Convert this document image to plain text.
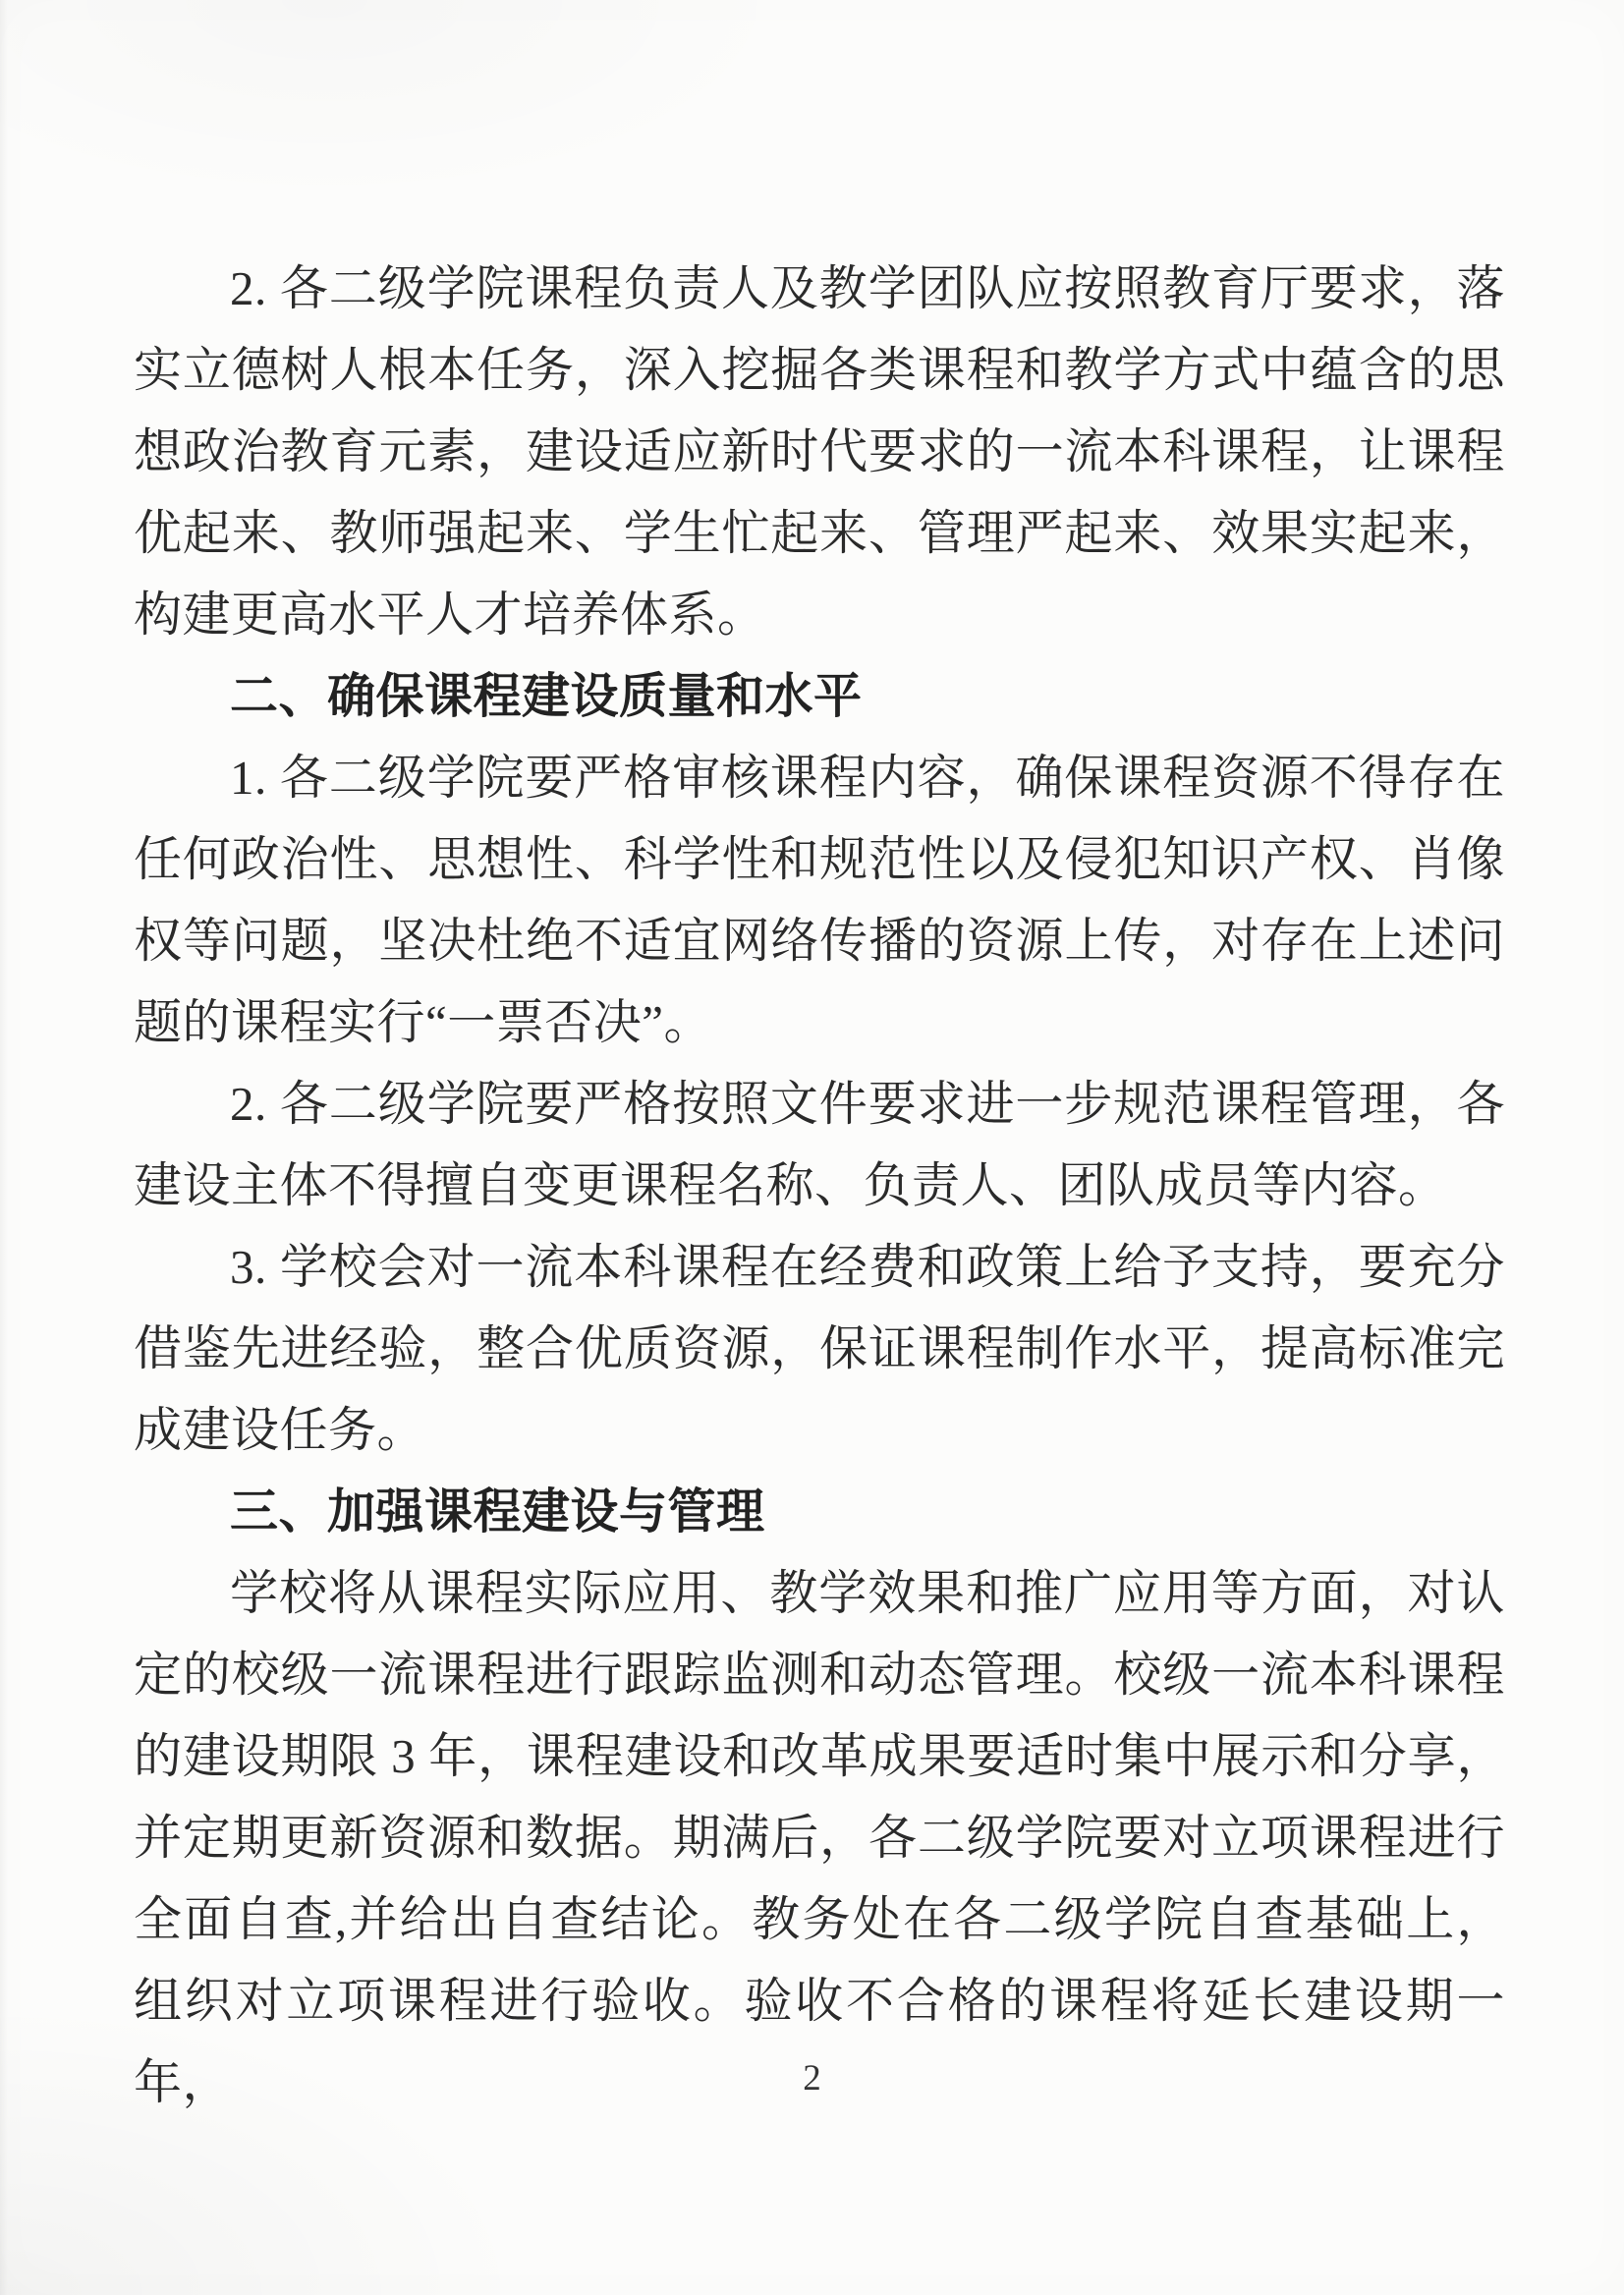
2. 各二级学院课程负责人及教学团队应按照教育厅要求，落实立德树人根本任务，深入挖掘各类课程和教学方式中蕴含的思想政治教育元素，建设适应新时代要求的一流本科课程，让课程优起来、教师强起来、学生忙起来、管理严起来、效果实起来，构建更高水平人才培养体系。

二、确保课程建设质量和水平

1. 各二级学院要严格审核课程内容，确保课程资源不得存在任何政治性、思想性、科学性和规范性以及侵犯知识产权、肖像权等问题，坚决杜绝不适宜网络传播的资源上传，对存在上述问题的课程实行“一票否决”。

2. 各二级学院要严格按照文件要求进一步规范课程管理，各建设主体不得擅自变更课程名称、负责人、团队成员等内容。

3. 学校会对一流本科课程在经费和政策上给予支持，要充分借鉴先进经验，整合优质资源，保证课程制作水平，提高标准完成建设任务。

三、加强课程建设与管理

学校将从课程实际应用、教学效果和推广应用等方面，对认定的校级一流课程进行跟踪监测和动态管理。校级一流本科课程的建设期限 3 年，课程建设和改革成果要适时集中展示和分享，并定期更新资源和数据。期满后，各二级学院要对立项课程进行全面自查,并给出自查结论。教务处在各二级学院自查基础上，组织对立项课程进行验收。验收不合格的课程将延长建设期一年，	2
